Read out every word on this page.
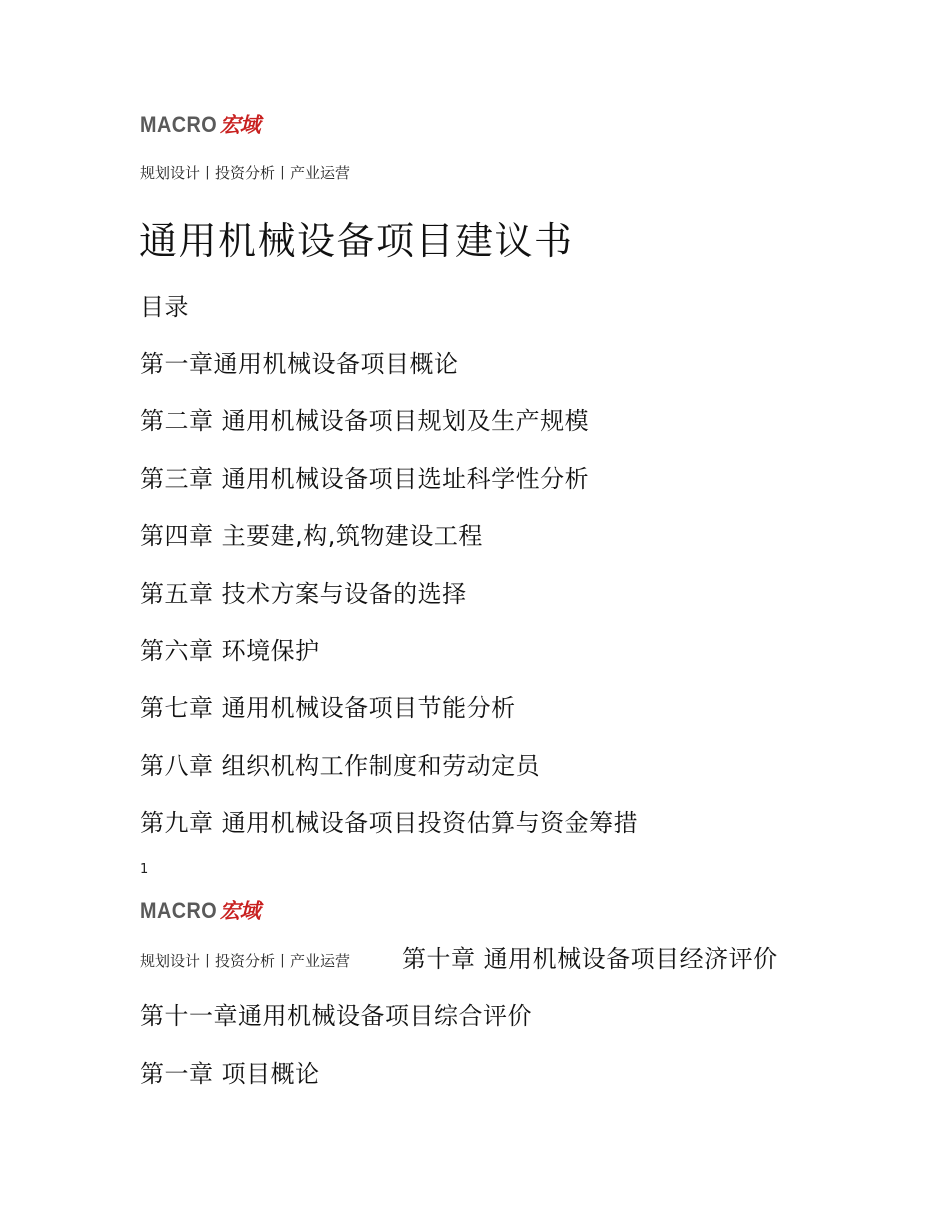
MACRO 宏域
规划设计丨投资分析丨产业运营
通用机械设备项目建议书
目录
第一章通用机械设备项目概论
第二章 通用机械设备项目规划及生产规模
第三章 通用机械设备项目选址科学性分析
第四章 主要建,构,筑物建设工程
第五章 技术方案与设备的选择
第六章 环境保护
第七章 通用机械设备项目节能分析
第八章 组织机构工作制度和劳动定员
第九章 通用机械设备项目投资估算与资金筹措
1
MACRO 宏域
规划设计丨投资分析丨产业运营 第十章 通用机械设备项目经济评价
第十一章通用机械设备项目综合评价
第一章 项目概论
